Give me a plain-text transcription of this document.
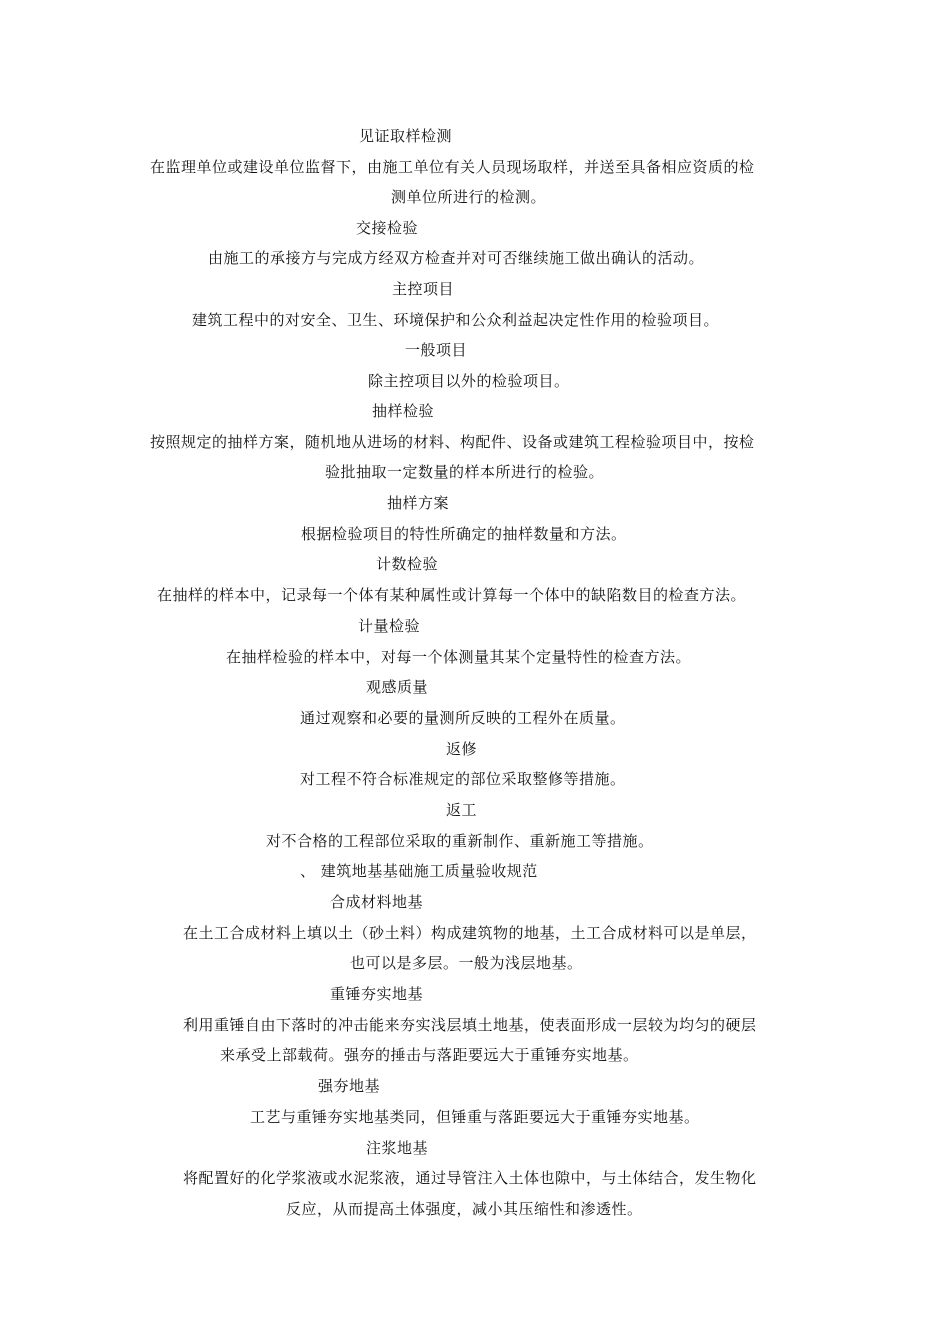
见证取样检测
在监理单位或建设单位监督下，由施工单位有关人员现场取样，并送至具备相应资质的检
测单位所进行的检测。
交接检验
由施工的承接方与完成方经双方检查并对可否继续施工做出确认的活动。
主控项目
建筑工程中的对安全、卫生、环境保护和公众利益起决定性作用的检验项目。
一般项目
除主控项目以外的检验项目。
抽样检验
按照规定的抽样方案，随机地从进场的材料、构配件、设备或建筑工程检验项目中，按检
验批抽取一定数量的样本所进行的检验。
抽样方案
根据检验项目的特性所确定的抽样数量和方法。
计数检验
在抽样的样本中，记录每一个体有某种属性或计算每一个体中的缺陷数目的检查方法。
计量检验
在抽样检验的样本中，对每一个体测量其某个定量特性的检查方法。
观感质量
通过观察和必要的量测所反映的工程外在质量。
返修
对工程不符合标准规定的部位采取整修等措施。
返工
对不合格的工程部位采取的重新制作、重新施工等措施。
、 建筑地基基础施工质量验收规范
合成材料地基
在土工合成材料上填以土（砂土料）构成建筑物的地基，土工合成材料可以是单层，
也可以是多层。一般为浅层地基。
重锤夯实地基
利用重锤自由下落时的冲击能来夯实浅层填土地基，使表面形成一层较为均匀的硬层
来承受上部载荷。强夯的捶击与落距要远大于重锤夯实地基。
强夯地基
工艺与重锤夯实地基类同，但锤重与落距要远大于重锤夯实地基。
注浆地基
将配置好的化学浆液或水泥浆液，通过导管注入土体也隙中，与土体结合，发生物化
反应，从而提高土体强度，减小其压缩性和渗透性。
